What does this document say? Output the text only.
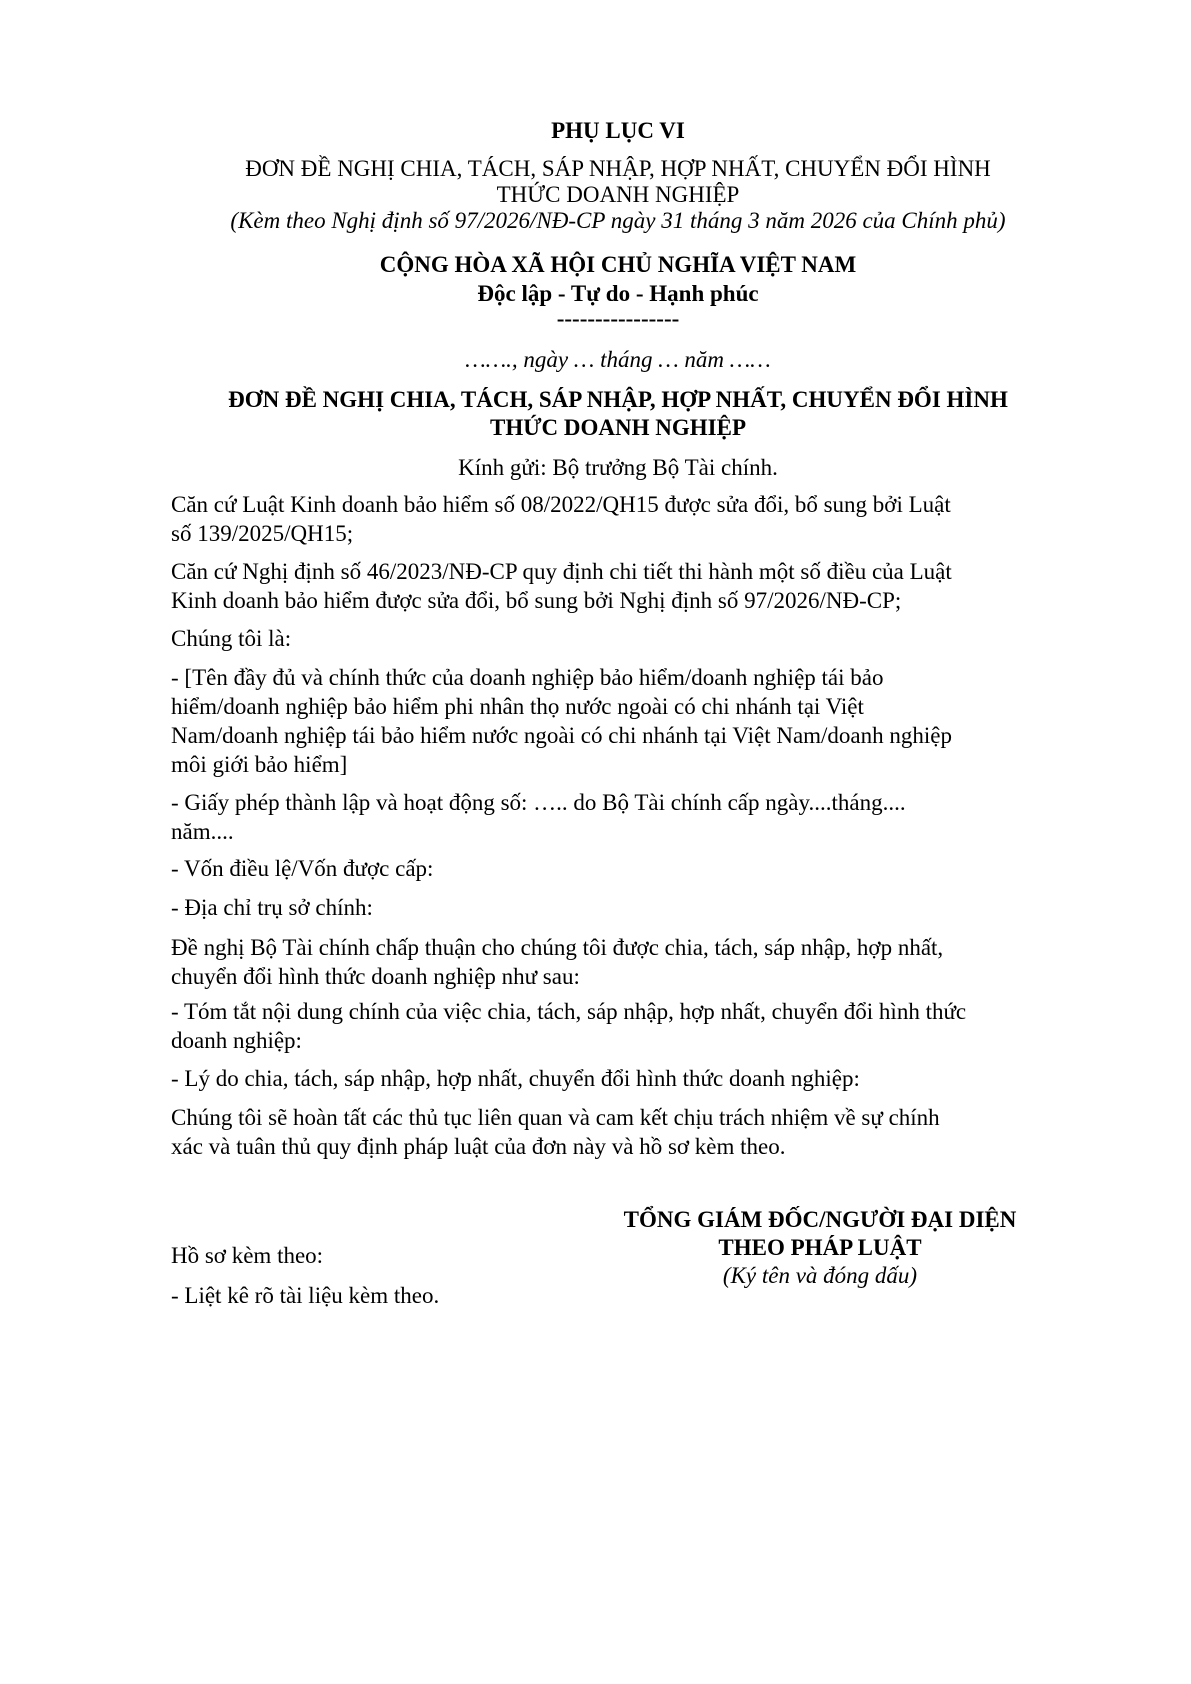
PHỤ LỤC VI

ĐƠN ĐỀ NGHỊ CHIA, TÁCH, SÁP NHẬP, HỢP NHẤT, CHUYỂN ĐỔI HÌNH

THỨC DOANH NGHIỆP

(Kèm theo Nghị định số 97/2026/NĐ-CP ngày 31 tháng 3 năm 2026 của Chính phủ)

CỘNG HÒA XÃ HỘI CHỦ NGHĨA VIỆT NAM

Độc lập - Tự do - Hạnh phúc

----------------

……., ngày … tháng … năm ……

ĐƠN ĐỀ NGHỊ CHIA, TÁCH, SÁP NHẬP, HỢP NHẤT, CHUYỂN ĐỔI HÌNH

THỨC DOANH NGHIỆP

Kính gửi: Bộ trưởng Bộ Tài chính.

Căn cứ Luật Kinh doanh bảo hiểm số 08/2022/QH15 được sửa đổi, bổ sung bởi Luật
số 139/2025/QH15;

Căn cứ Nghị định số 46/2023/NĐ-CP quy định chi tiết thi hành một số điều của Luật
Kinh doanh bảo hiểm được sửa đổi, bổ sung bởi Nghị định số 97/2026/NĐ-CP;

Chúng tôi là:

- [Tên đầy đủ và chính thức của doanh nghiệp bảo hiểm/doanh nghiệp tái bảo
hiểm/doanh nghiệp bảo hiểm phi nhân thọ nước ngoài có chi nhánh tại Việt
Nam/doanh nghiệp tái bảo hiểm nước ngoài có chi nhánh tại Việt Nam/doanh nghiệp
môi giới bảo hiểm]

- Giấy phép thành lập và hoạt động số: ….. do Bộ Tài chính cấp ngày....tháng....
năm....

- Vốn điều lệ/Vốn được cấp:

- Địa chỉ trụ sở chính:

Đề nghị Bộ Tài chính chấp thuận cho chúng tôi được chia, tách, sáp nhập, hợp nhất,
chuyển đổi hình thức doanh nghiệp như sau:

- Tóm tắt nội dung chính của việc chia, tách, sáp nhập, hợp nhất, chuyển đổi hình thức
doanh nghiệp:

- Lý do chia, tách, sáp nhập, hợp nhất, chuyển đổi hình thức doanh nghiệp:

Chúng tôi sẽ hoàn tất các thủ tục liên quan và cam kết chịu trách nhiệm về sự chính
xác và tuân thủ quy định pháp luật của đơn này và hồ sơ kèm theo.

TỔNG GIÁM ĐỐC/NGƯỜI ĐẠI DIỆN

THEO PHÁP LUẬT

(Ký tên và đóng dấu)

Hồ sơ kèm theo:

- Liệt kê rõ tài liệu kèm theo.
